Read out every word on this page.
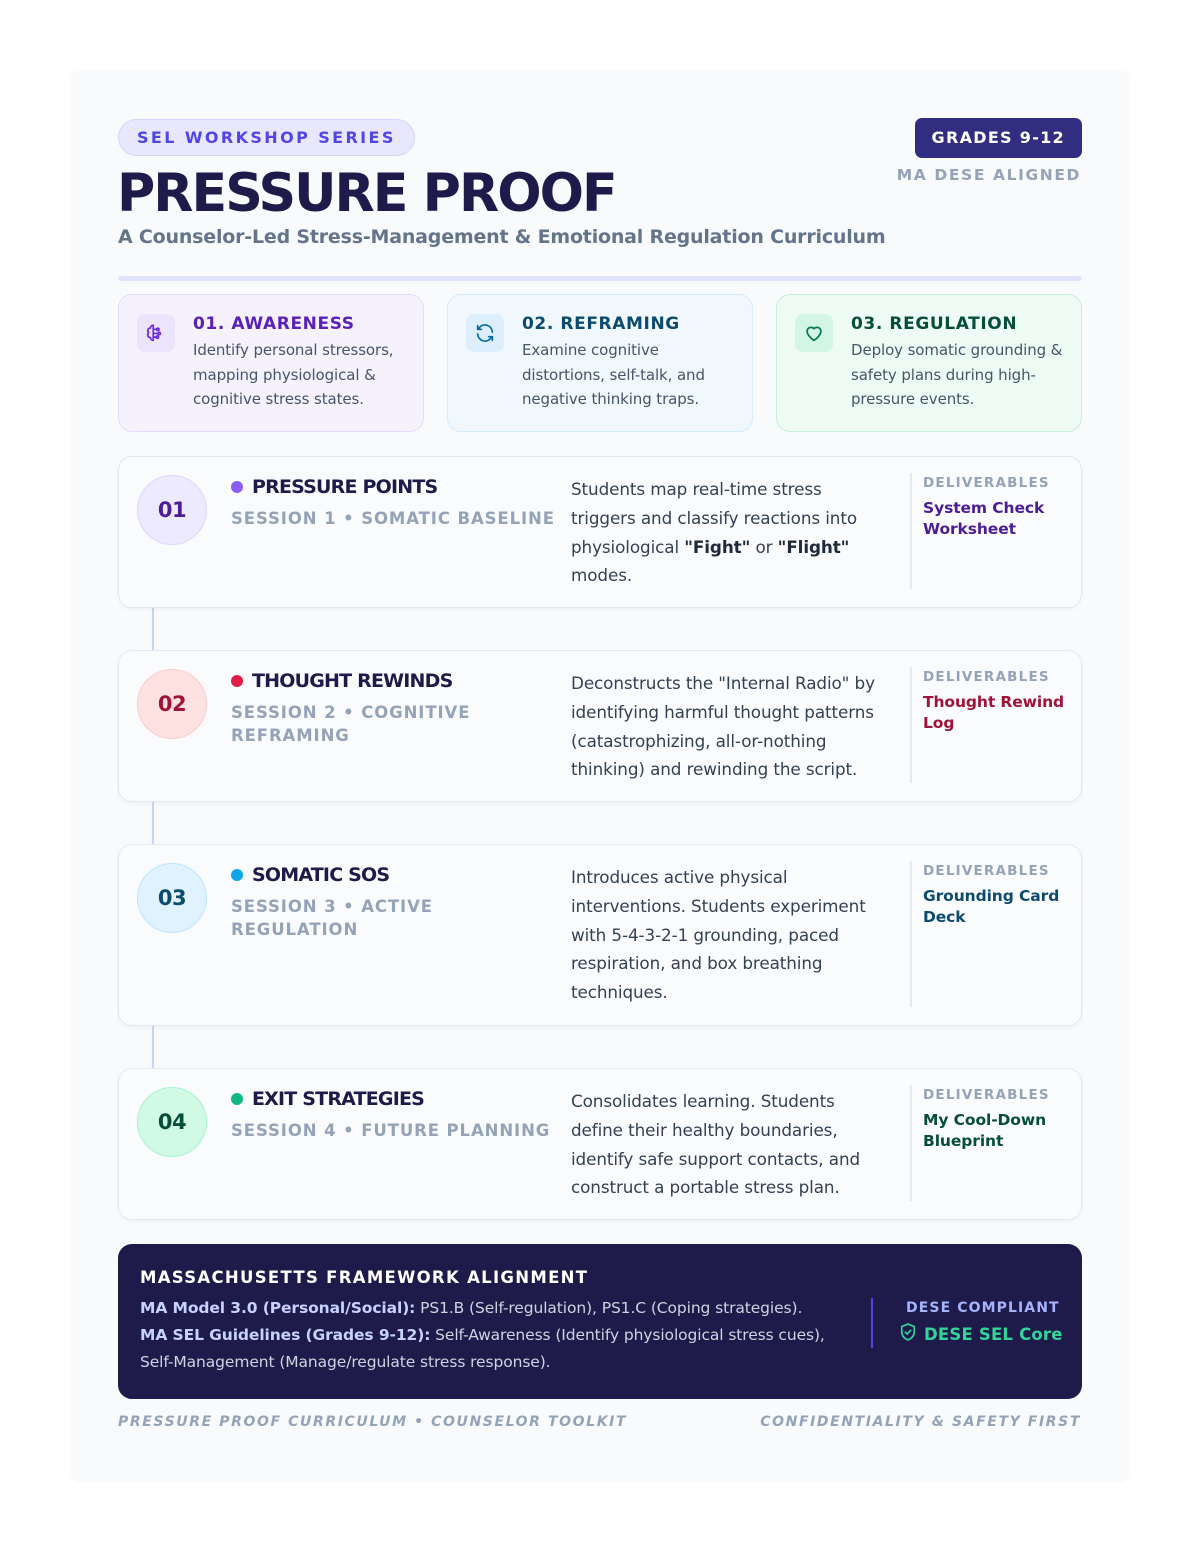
SEL WORKSHOP SERIES	GRADES 9-12
MA DESE ALIGNED
PRESSURE PROOF
A Counselor-Led Stress-Management & Emotional Regulation Curriculum
01. AWARENESS
Identify personal stressors, mapping physiological & cognitive stress states.
02. REFRAMING
Examine cognitive distortions, self-talk, and negative thinking traps.
03. REGULATION
Deploy somatic grounding & safety plans during high-pressure events.
01
PRESSURE POINTS
SESSION 1 • SOMATIC BASELINE
Students map real-time stress triggers and classify reactions into physiological "Fight" or "Flight" modes.
DELIVERABLES
System Check Worksheet
02
THOUGHT REWINDS
SESSION 2 • COGNITIVE REFRAMING
Deconstructs the "Internal Radio" by identifying harmful thought patterns (catastrophizing, all-or-nothing thinking) and rewinding the script.
DELIVERABLES
Thought Rewind Log
03
SOMATIC SOS
SESSION 3 • ACTIVE REGULATION
Introduces active physical interventions. Students experiment with 5-4-3-2-1 grounding, paced respiration, and box breathing techniques.
DELIVERABLES
Grounding Card Deck
04
EXIT STRATEGIES
SESSION 4 • FUTURE PLANNING
Consolidates learning. Students define their healthy boundaries, identify safe support contacts, and construct a portable stress plan.
DELIVERABLES
My Cool-Down Blueprint
MASSACHUSETTS FRAMEWORK ALIGNMENT
MA Model 3.0 (Personal/Social): PS1.B (Self-regulation), PS1.C (Coping strategies).
MA SEL Guidelines (Grades 9-12): Self-Awareness (Identify physiological stress cues), Self-Management (Manage/regulate stress response).
DESE COMPLIANT
DESE SEL Core
PRESSURE PROOF CURRICULUM • COUNSELOR TOOLKIT	CONFIDENTIALITY & SAFETY FIRST
